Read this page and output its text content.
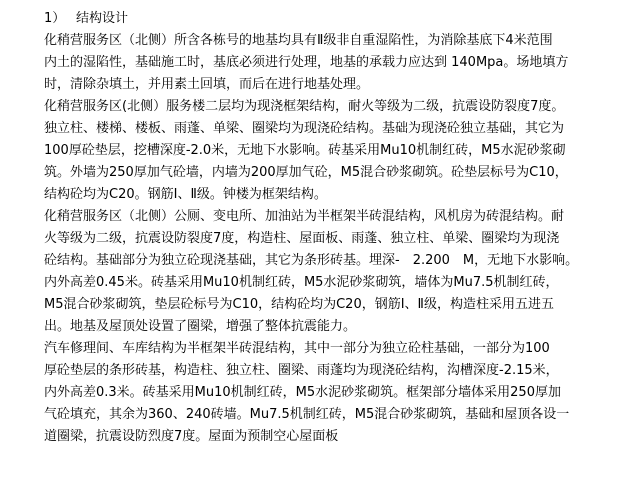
1） 结构设计
化稍营服务区（北侧）所含各栋号的地基均具有Ⅱ级非自重湿陷性，为消除基底下4米范围
内土的湿陷性，基础施工时，基底必须进行处理，地基的承载力应达到 140Mpa。场地填方
时，清除杂填土，并用素土回填，而后在进行地基处理。
化稍营服务区(北侧）服务楼二层均为现浇框架结构，耐火等级为二级，抗震设防裂度7度。
独立柱、楼梯、楼板、雨蓬、单梁、圈梁均为现浇砼结构。基础为现浇砼独立基础，其它为
100厚砼垫层，挖槽深度-2.0米，无地下水影响。砖基采用Mu10机制红砖，M5水泥砂浆砌
筑。外墙为250厚加气砼墙，内墙为200厚加气砼，M5混合砂浆砌筑。砼垫层标号为C10，
结构砼均为C20。钢筋Ⅰ、Ⅱ级。钟楼为框架结构。
化稍营服务区（北侧）公厕、变电所、加油站为半框架半砖混结构，风机房为砖混结构。耐
火等级为二级，抗震设防裂度7度，构造柱、屋面板、雨蓬、独立柱、单梁、圈梁均为现浇
砼结构。基础部分为独立砼现浇基础，其它为条形砖基。埋深-　2.200　M，无地下水影响。
内外高差0.45米。砖基采用Mu10机制红砖，M5水泥砂浆砌筑，墙体为Mu7.5机制红砖，
M5混合砂浆砌筑，垫层砼标号为C10，结构砼均为C20，钢筋Ⅰ、Ⅱ级，构造柱采用五进五
出。地基及屋顶处设置了圈梁，增强了整体抗震能力。
汽车修理间、车库结构为半框架半砖混结构，其中一部分为独立砼柱基础，一部分为100
厚砼垫层的条形砖基，构造柱、独立柱、圈梁、雨蓬均为现浇砼结构，沟槽深度-2.15米，
内外高差0.3米。砖基采用Mu10机制红砖，M5水泥砂浆砌筑。框架部分墙体采用250厚加
气砼填充，其余为360、240砖墙。Mu7.5机制红砖，M5混合砂浆砌筑，基础和屋顶各设一
道圈梁，抗震设防烈度7度。屋面为预制空心屋面板
